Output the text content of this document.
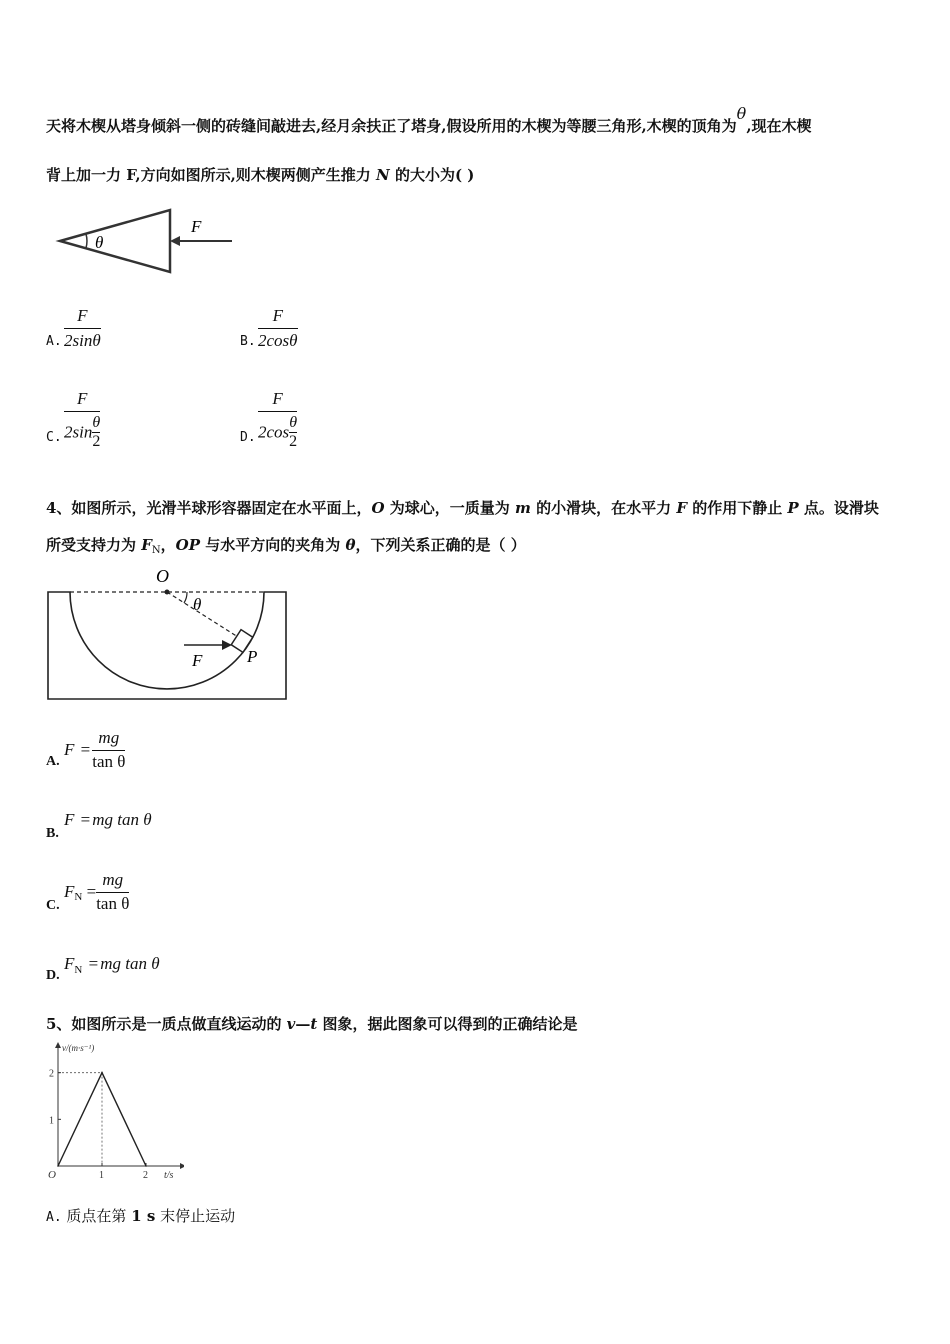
天将木楔从塔身倾斜一侧的砖缝间敲进去,经月余扶正了塔身,假设所用的木楔为等腰三角形,木楔的顶角为θ,现在木楔
背上加一力 F,方向如图所示,则木楔两侧产生推力 N 的大小为( )
θ
F
A.
F
2sinθ	B.
F
2cosθ
C.
F
$2\sin \frac{\theta}{2}$	D.
F
$2\cos \frac{\theta}{2}$
4、如图所示，光滑半球形容器固定在水平面上，O 为球心，一质量为 m 的小滑块，在水平力 F 的作用下静止 P 点。设滑块
所受支持力为 $F_N$，OP 与水平方向的夹角为 θ，下列关系正确的是（ ）
O
θ
F	P
A.
$F = \frac{mg}{\text{tan θ}}$
B.
F = mg tan θ
C.
$F_N = \frac{mg}{\text{tan θ}}$
D.
$F_N$ = mg tan θ
5、如图所示是一质点做直线运动的 v—t 图象，据此图象可以得到的正确结论是
1	2
1
2
v/(m·s⁻¹)
t/s
O
A. 质点在第 1 s 末停止运动
